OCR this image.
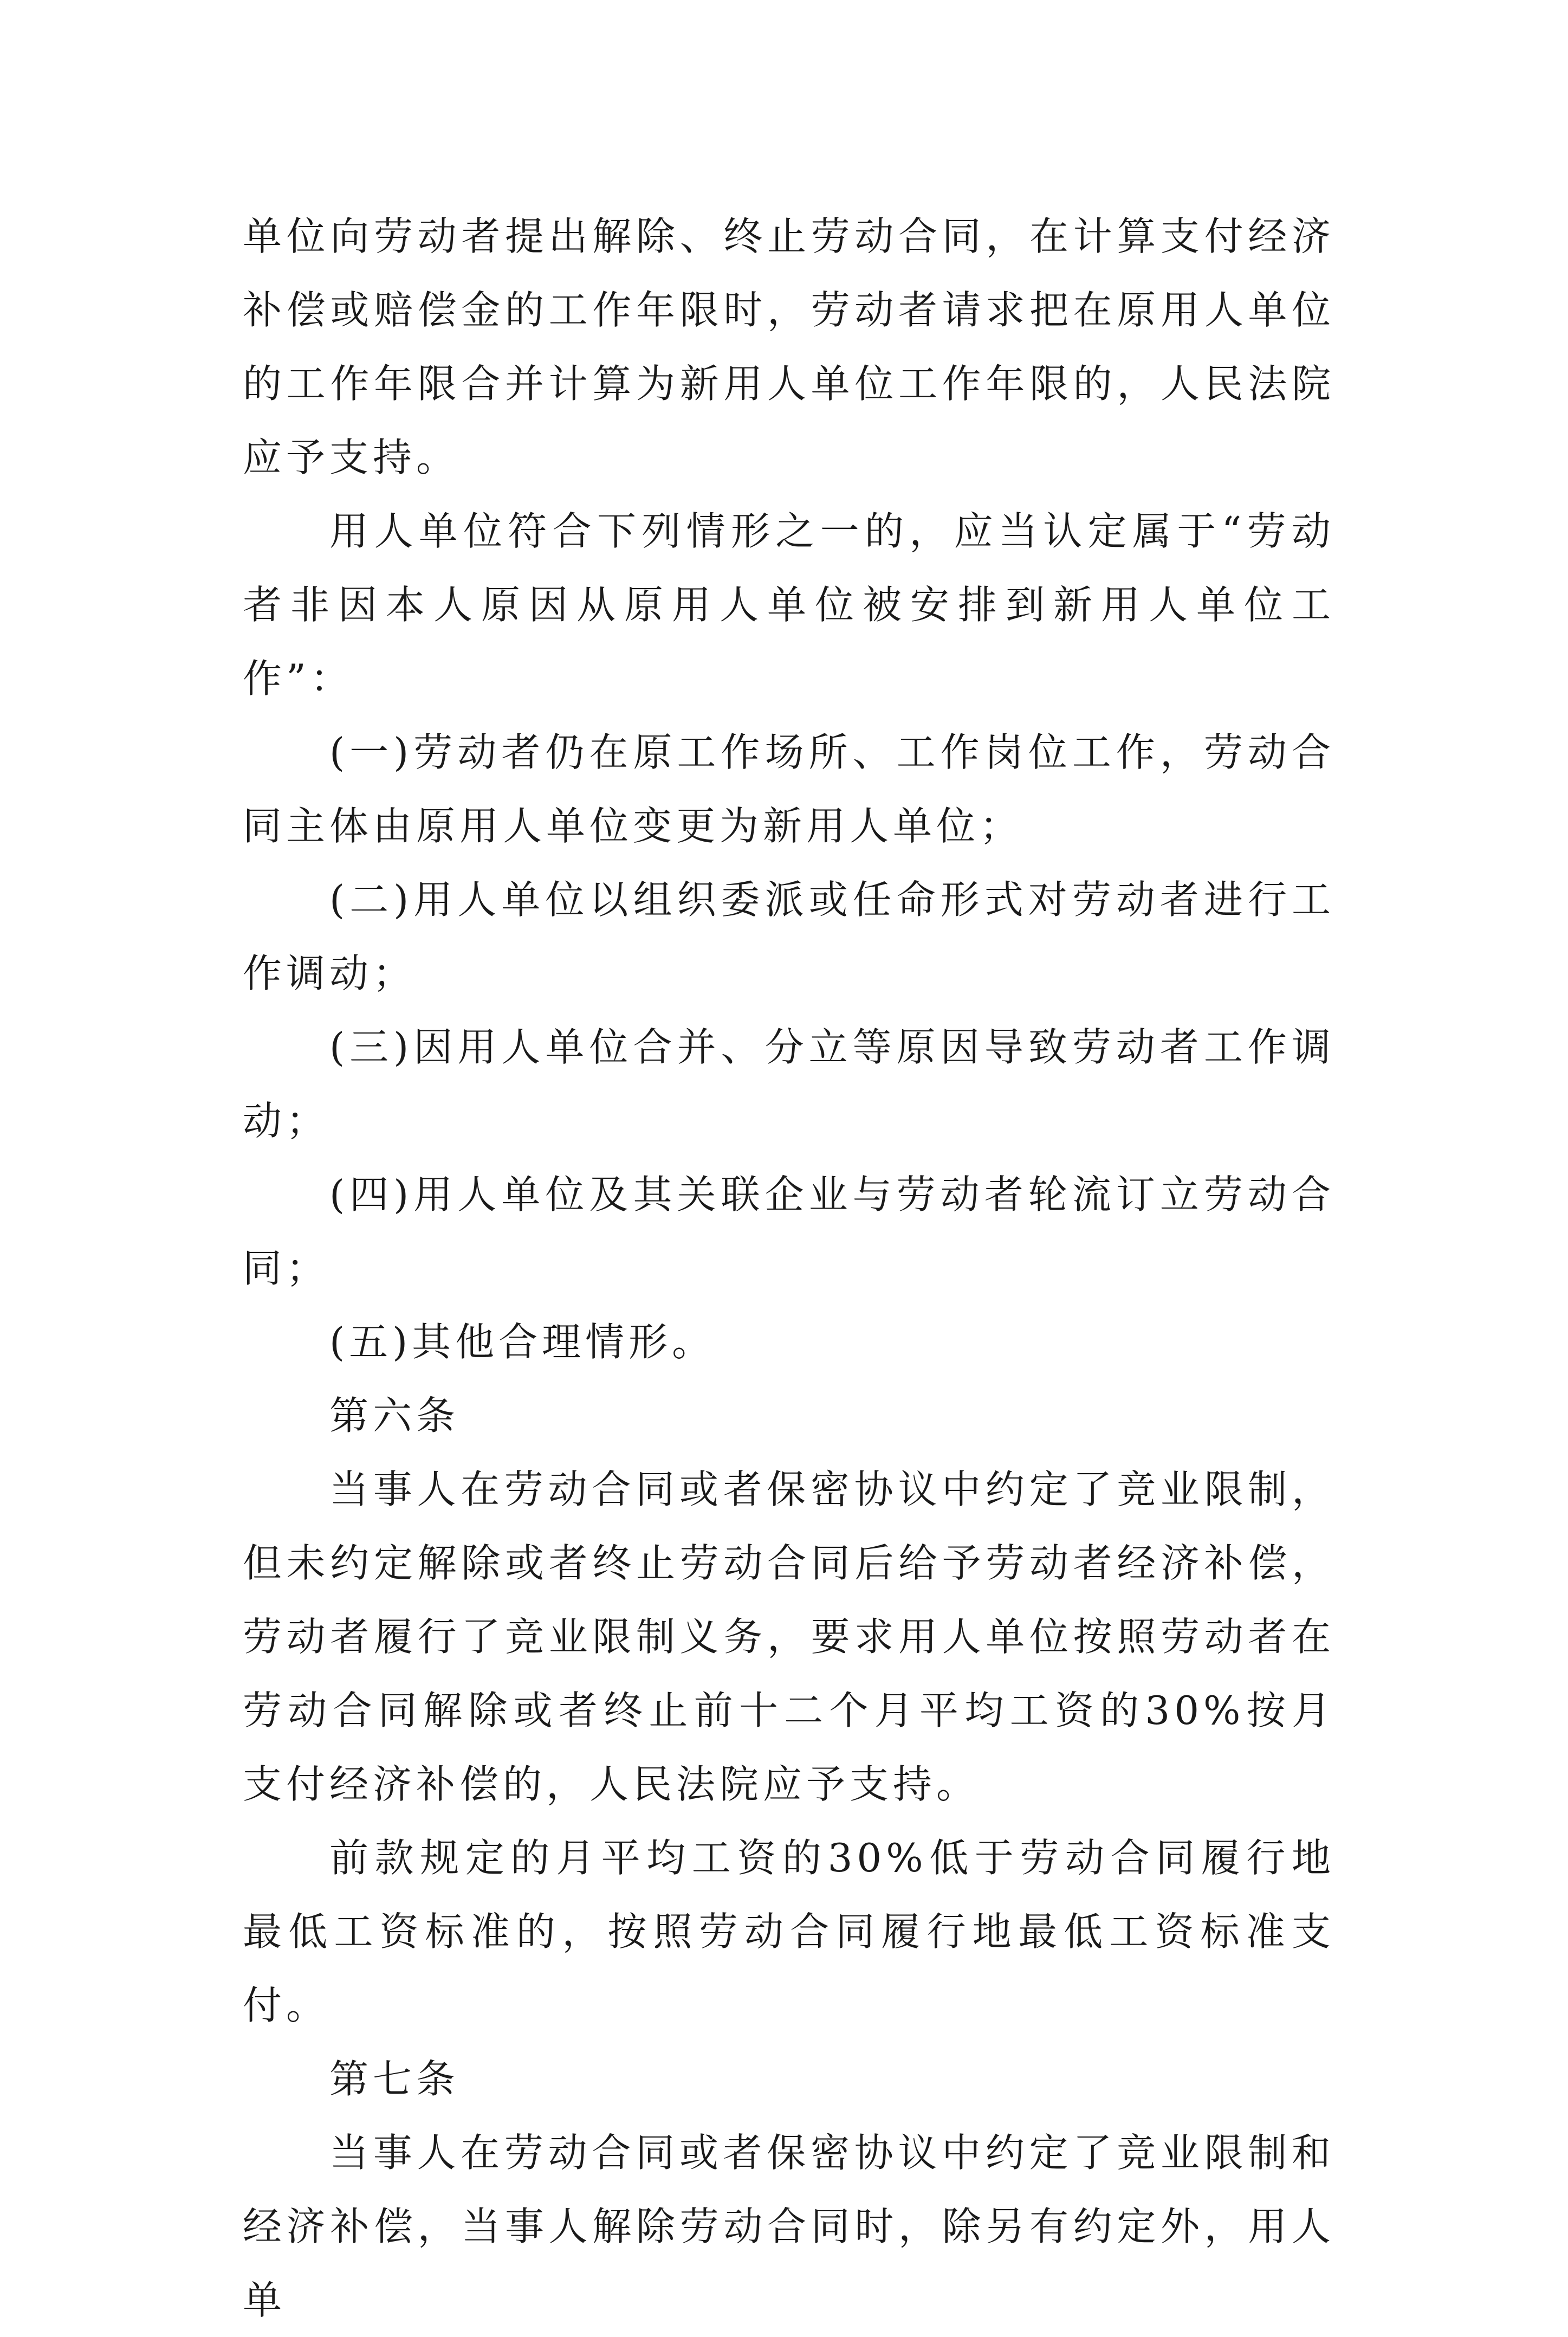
单位向劳动者提出解除、终止劳动合同，在计算支付经济补偿或赔偿金的工作年限时，劳动者请求把在原用人单位的工作年限合并计算为新用人单位工作年限的，人民法院应予支持。

用人单位符合下列情形之一的，应当认定属于“劳动者非因本人原因从原用人单位被安排到新用人单位工作”：

(一)劳动者仍在原工作场所、工作岗位工作，劳动合同主体由原用人单位变更为新用人单位；

(二)用人单位以组织委派或任命形式对劳动者进行工作调动；

(三)因用人单位合并、分立等原因导致劳动者工作调动；

(四)用人单位及其关联企业与劳动者轮流订立劳动合同；

(五)其他合理情形。

第六条

当事人在劳动合同或者保密协议中约定了竞业限制，但未约定解除或者终止劳动合同后给予劳动者经济补偿，劳动者履行了竞业限制义务，要求用人单位按照劳动者在劳动合同解除或者终止前十二个月平均工资的30%按月支付经济补偿的，人民法院应予支持。

前款规定的月平均工资的30%低于劳动合同履行地最低工资标准的，按照劳动合同履行地最低工资标准支付。

第七条

当事人在劳动合同或者保密协议中约定了竞业限制和经济补偿，当事人解除劳动合同时，除另有约定外，用人单
